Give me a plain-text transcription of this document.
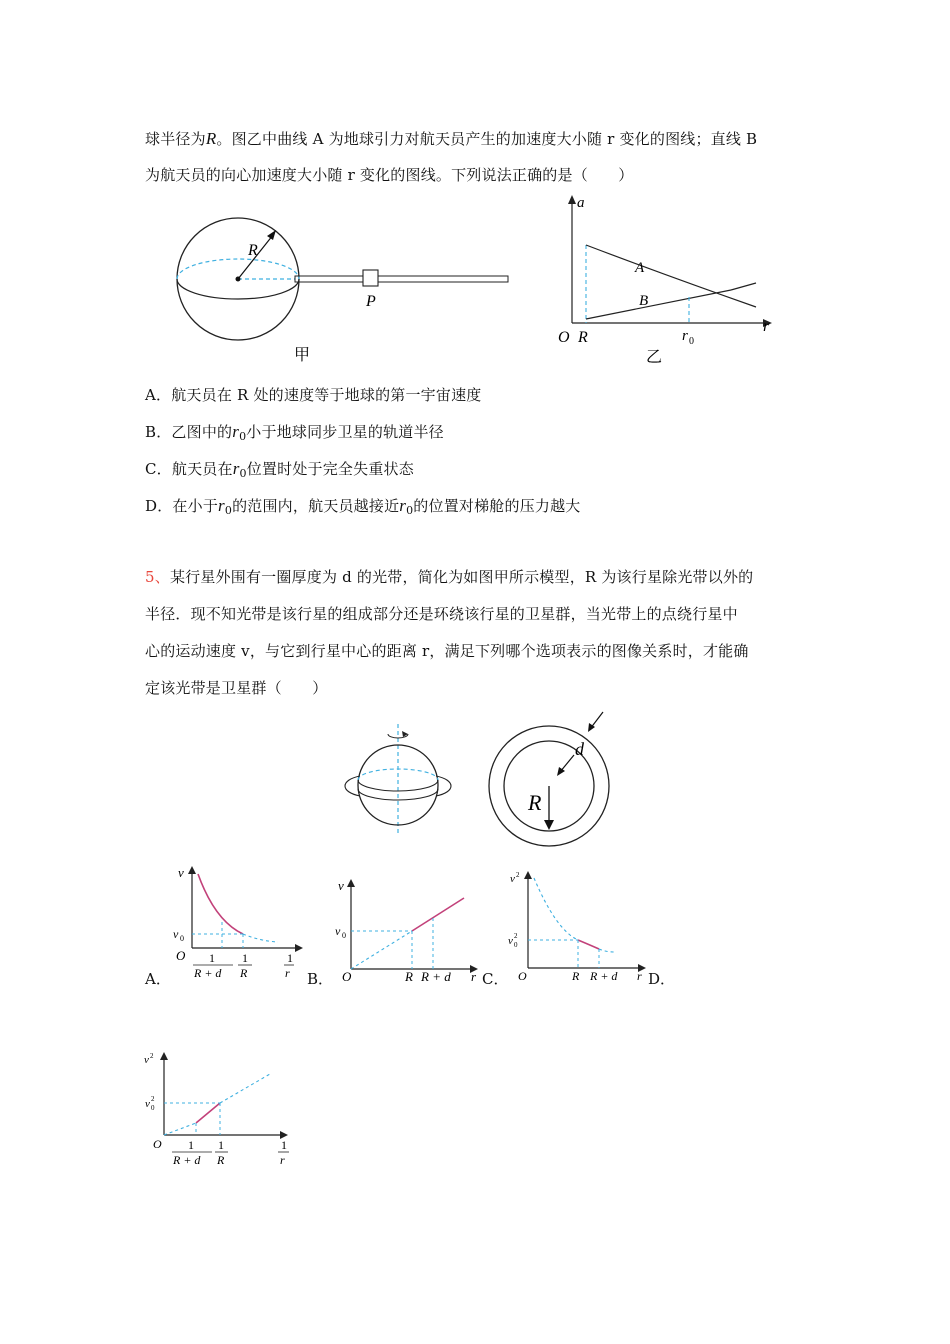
球半径为R。图乙中曲线 A 为地球引力对航天员产生的加速度大小随 r 变化的图线；直线 B
为航天员的向心加速度大小随 r 变化的图线。下列说法正确的是（　　）
R
P
甲
a
A
B
O R	r 0
r
乙
A．航天员在 R 处的速度等于地球的第一宇宙速度
B．乙图中的$r_0$小于地球同步卫星的轨道半径
C．航天员在$r_0$位置时处于完全失重状态
D．在小于$r_0$的范围内，航天员越接近$r_0$的位置对梯舱的压力越大
5、某行星外围有一圈厚度为 d 的光带，简化为如图甲所示模型，R 为该行星除光带以外的
半径．现不知光带是该行星的组成部分还是环绕该行星的卫星群，当光带上的点绕行星中
心的运动速度 v，与它到行星中心的距离 r，满足下列哪个选项表示的图像关系时，才能确
定该光带是卫星群（　　）
d
R
v
v 0
O 1
R + d
1
R
1
r
A．
v
v 0
O	R R + d r
B．
v 2
v 0
2
O	R R + d r
C．	D．
v 2
v 0
2
O 1
R + d
1
R
1
r
